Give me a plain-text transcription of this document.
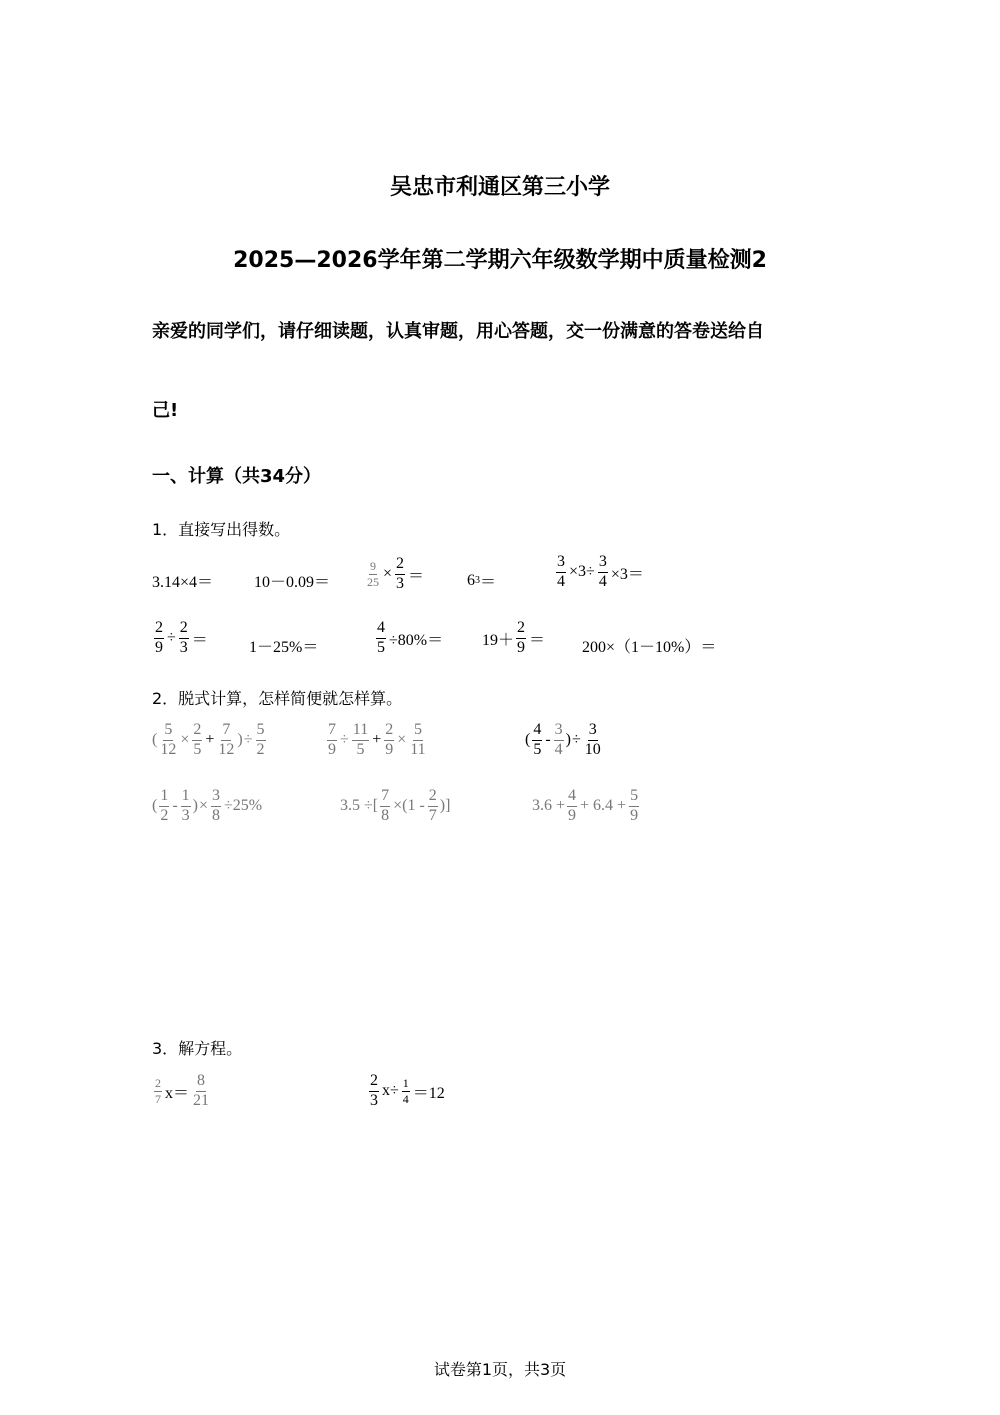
吴忠市利通区第三小学
2025—2026学年第二学期六年级数学期中质量检测2
亲爱的同学们，请仔细读题，认真审题，用心答题，交一份满意的答卷送给自
己!
一、计算（共34分）
1．直接写出得数。
3.14×4＝	10－0.09＝	$\frac{9}{25} \times \frac{2}{3}$ ＝	6 3 ＝	$\frac{3}{4} \times 3\div \frac{3}{4} \times 3=$
$\frac{2}{9} \div \frac{2}{3}$ ＝	1－25%＝	$\frac{4}{5} \div 80\%= 19+ \frac{2}{9} = 200\times(1-10\%)=$
2．脱式计算，怎样简便就怎样算。
( $\frac{5}{12} \times \frac{2}{5} + \frac{7}{12}$ ) ÷ $\frac{5}{2}$	$\frac{7}{9} \div \frac{11}{5} + \frac{2}{9} \times \frac{5}{11}$	( $\frac{4}{5} - \frac{3}{4}$ ) ÷ $\frac{3}{10}$
( $\frac{1}{2} - \frac{1}{3}$ ) × $\frac{3}{8} \div 25\%$	3.5 ÷[ $\frac{7}{8} \times(1 - \frac{2}{7}$ )]	$3.6 + \frac{4}{9} + 6.4 + \frac{5}{9}$
3．解方程。
$\frac{2}{7} x= \frac{8}{21}$	$\frac{2}{3} x\div \frac{1}{4} =12$
试卷第1页，共3页
